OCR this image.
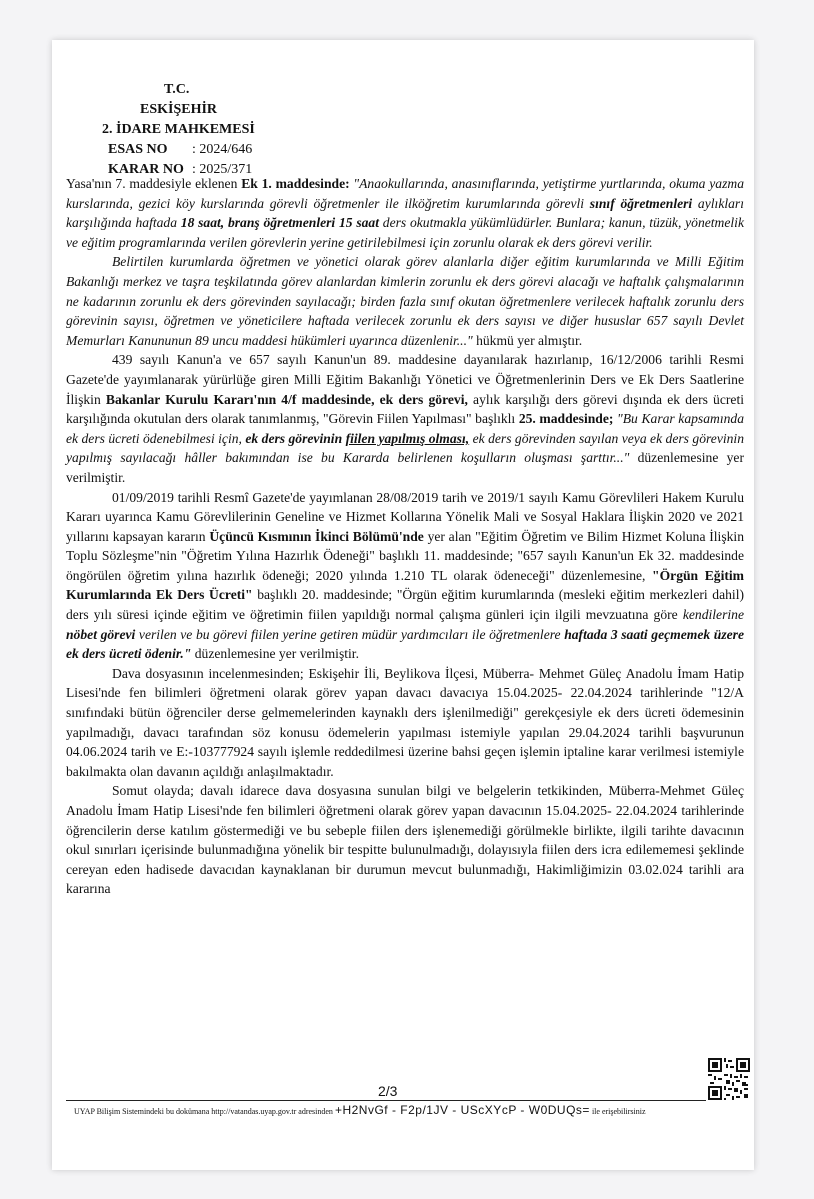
T.C.
ESKİŞEHİR
2. İDARE MAHKEMESİ
ESAS NO : 2024/646
KARAR NO : 2025/371

Yasa'nın 7. maddesiyle eklenen Ek 1. maddesinde: "Anaokullarında, anasınıflarında, yetiştirme yurtlarında, okuma yazma kurslarında, gezici köy kurslarında görevli öğretmenler ile ilköğretim kurumlarında görevli sınıf öğretmenleri aylıkları karşılığında haftada 18 saat, branş öğretmenleri 15 saat ders okutmakla yükümlüdürler. Bunlara; kanun, tüzük, yönetmelik ve eğitim programlarında verilen görevlerin yerine getirilebilmesi için zorunlu olarak ek ders görevi verilir.

Belirtilen kurumlarda öğretmen ve yönetici olarak görev alanlarla diğer eğitim kurumlarında ve Milli Eğitim Bakanlığı merkez ve taşra teşkilatında görev alanlardan kimlerin zorunlu ek ders görevi alacağı ve haftalık çalışmalarının ne kadarının zorunlu ek ders görevinden sayılacağı; birden fazla sınıf okutan öğretmenlere verilecek haftalık zorunlu ders görevinin sayısı, öğretmen ve yöneticilere haftada verilecek zorunlu ek ders sayısı ve diğer hususlar 657 sayılı Devlet Memurları Kanununun 89 uncu maddesi hükümleri uyarınca düzenlenir..." hükmü yer almıştır.

439 sayılı Kanun'a ve 657 sayılı Kanun'un 89. maddesine dayanılarak hazırlanıp, 16/12/2006 tarihli Resmi Gazete'de yayımlanarak yürürlüğe giren Milli Eğitim Bakanlığı Yönetici ve Öğretmenlerinin Ders ve Ek Ders Saatlerine İlişkin Bakanlar Kurulu Kararı'nın 4/f maddesinde, ek ders görevi, aylık karşılığı ders görevi dışında ek ders ücreti karşılığında okutulan ders olarak tanımlanmış, "Görevin Fiilen Yapılması" başlıklı 25. maddesinde; "Bu Karar kapsamında ek ders ücreti ödenebilmesi için, ek ders görevinin fiilen yapılmış olması, ek ders görevinden sayılan veya ek ders görevinin yapılmış sayılacağı hâller bakımından ise bu Kararda belirlenen koşulların oluşması şarttır..." düzenlemesine yer verilmiştir.

01/09/2019 tarihli Resmî Gazete'de yayımlanan 28/08/2019 tarih ve 2019/1 sayılı Kamu Görevlileri Hakem Kurulu Kararı uyarınca Kamu Görevlilerinin Geneline ve Hizmet Kollarına Yönelik Mali ve Sosyal Haklara İlişkin 2020 ve 2021 yıllarını kapsayan kararın Üçüncü Kısmının İkinci Bölümü'nde yer alan "Eğitim Öğretim ve Bilim Hizmet Koluna İlişkin Toplu Sözleşme"nin "Öğretim Yılına Hazırlık Ödeneği" başlıklı 11. maddesinde; "657 sayılı Kanun'un Ek 32. maddesinde öngörülen öğretim yılına hazırlık ödeneği; 2020 yılında 1.210 TL olarak ödeneceği" düzenlemesine, "Örgün Eğitim Kurumlarında Ek Ders Ücreti" başlıklı 20. maddesinde; "Örgün eğitim kurumlarında (mesleki eğitim merkezleri dahil) ders yılı süresi içinde eğitim ve öğretimin fiilen yapıldığı normal çalışma günleri için ilgili mevzuatına göre kendilerine nöbet görevi verilen ve bu görevi fiilen yerine getiren müdür yardımcıları ile öğretmenlere haftada 3 saati geçmemek üzere ek ders ücreti ödenir." düzenlemesine yer verilmiştir.

Dava dosyasının incelenmesinden; Eskişehir İli, Beylikova İlçesi, Müberra- Mehmet Güleç Anadolu İmam Hatip Lisesi'nde fen bilimleri öğretmeni olarak görev yapan davacı davacıya 15.04.2025- 22.04.2024 tarihlerinde "12/A sınıfındaki bütün öğrenciler derse gelmemelerinden kaynaklı ders işlenilmediği" gerekçesiyle ek ders ücreti ödemesinin yapılmadığı, davacı tarafından söz konusu ödemelerin yapılması istemiyle yapılan 29.04.2024 tarihli başvurunun 04.06.2024 tarih ve E:-103777924 sayılı işlemle reddedilmesi üzerine bahsi geçen işlemin iptaline karar verilmesi istemiyle bakılmakta olan davanın açıldığı anlaşılmaktadır.

Somut olayda; davalı idarece dava dosyasına sunulan bilgi ve belgelerin tetkikinden, Müberra-Mehmet Güleç Anadolu İmam Hatip Lisesi'nde fen bilimleri öğretmeni olarak görev yapan davacının 15.04.2025- 22.04.2024 tarihlerinde öğrencilerin derse katılım göstermediği ve bu sebeple fiilen ders işlenemediği görülmekle birlikte, ilgili tarihte davacının okul sınırları içerisinde bulunmadığına yönelik bir tespitte bulunulmadığı, dolayısıyla fiilen ders icra edilememesi şeklinde cereyan eden hadisede davacıdan kaynaklanan bir durumun mevcut bulunmadığı, Hakimliğimizin 03.02.024 tarihli ara kararına

2/3
UYAP Bilişim Sistemindeki bu dokümana http://vatandas.uyap.gov.tr adresinden +H2NvGf - F2p/1JV - UScXYcP - W0DUQs= ile erişebilirsiniz
